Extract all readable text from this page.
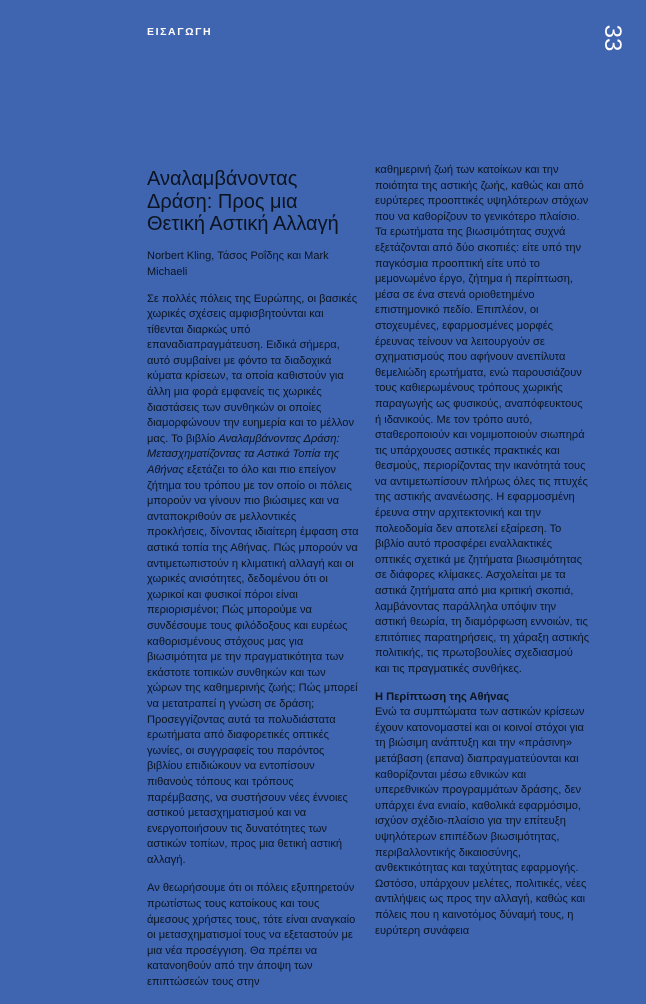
ΕΙΣΑΓΩΓΗ	33
Αναλαμβάνοντας Δράση: Προς μια Θετική Αστική Αλλαγή
Norbert Kling, Τάσος Ροΐδης και Mark Michaeli

Σε πολλές πόλεις της Ευρώπης, οι βασικές χωρικές σχέσεις αμφισβητούνται και τίθενται διαρκώς υπό επαναδιαπραγμάτευση. Ειδικά σήμερα, αυτό συμβαίνει με φόντο τα διαδοχικά κύματα κρίσεων, τα οποία καθιστούν για άλλη μια φορά εμφανείς τις χωρικές διαστάσεις των συνθηκών οι οποίες διαμορφώνουν την ευημερία και το μέλλον μας. Το βιβλίο Αναλαμβάνοντας Δράση: Μετασχηματίζοντας τα Αστικά Τοπία της Αθήνας εξετάζει το όλο και πιο επείγον ζήτημα του τρόπου με τον οποίο οι πόλεις μπορούν να γίνουν πιο βιώσιμες και να ανταποκριθούν σε μελλοντικές προκλήσεις, δίνοντας ιδιαίτερη έμφαση στα αστικά τοπία της Αθήνας. Πώς μπορούν να αντιμετωπιστούν η κλιματική αλλαγή και οι χωρικές ανισότητες, δεδομένου ότι οι χωρικοί και φυσικοί πόροι είναι περιορισμένοι; Πώς μπορούμε να συνδέσουμε τους φιλόδοξους και ευρέως καθορισμένους στόχους μας για βιωσιμότητα με την πραγματικότητα των εκάστοτε τοπικών συνθηκών και των χώρων της καθημερινής ζωής; Πώς μπορεί να μετατραπεί η γνώση σε δράση; Προσεγγίζοντας αυτά τα πολυδιάστατα ερωτήματα από διαφορετικές οπτικές γωνίες, οι συγγραφείς του παρόντος βιβλίου επιδιώκουν να εντοπίσουν πιθανούς τόπους και τρόπους παρέμβασης, να συστήσουν νέες έννοιες αστικού μετασχηματισμού και να ενεργοποιήσουν τις δυνατότητες των αστικών τοπίων, προς μια θετική αστική αλλαγή.

Αν θεωρήσουμε ότι οι πόλεις εξυπηρετούν πρωτίστως τους κατοίκους και τους άμεσους χρήστες τους, τότε είναι αναγκαίο οι μετασχηματισμοί τους να εξεταστούν με μια νέα προσέγγιση. Θα πρέπει να κατανοηθούν από την άποψη των επιπτώσεών τους στην

καθημερινή ζωή των κατοίκων και την ποιότητα της αστικής ζωής, καθώς και από ευρύτερες προοπτικές υψηλότερων στόχων που να καθορίζουν το γενικότερο πλαίσιο. Τα ερωτήματα της βιωσιμότητας συχνά εξετάζονται από δύο σκοπιές: είτε υπό την παγκόσμια προοπτική είτε υπό το μεμονωμένο έργο, ζήτημα ή περίπτωση, μέσα σε ένα στενά οριοθετημένο επιστημονικό πεδίο. Επιπλέον, οι στοχευμένες, εφαρμοσμένες μορφές έρευνας τείνουν να λειτουργούν σε σχηματισμούς που αφήνουν ανεπίλυτα θεμελιώδη ερωτήματα, ενώ παρουσιάζουν τους καθιερωμένους τρόπους χωρικής παραγωγής ως φυσικούς, αναπόφευκτους ή ιδανικούς. Με τον τρόπο αυτό, σταθεροποιούν και νομιμοποιούν σιωπηρά τις υπάρχουσες αστικές πρακτικές και θεσμούς, περιορίζοντας την ικανότητά τους να αντιμετωπίσουν πλήρως όλες τις πτυχές της αστικής ανανέωσης. Η εφαρμοσμένη έρευνα στην αρχιτεκτονική και την πολεοδομία δεν αποτελεί εξαίρεση. Το βιβλίο αυτό προσφέρει εναλλακτικές οπτικές σχετικά με ζητήματα βιωσιμότητας σε διάφορες κλίμακες. Ασχολείται με τα αστικά ζητήματα από μια κριτική σκοπιά, λαμβάνοντας παράλληλα υπόψιν την αστική θεωρία, τη διαμόρφωση εννοιών, τις επιτόπιες παρατηρήσεις, τη χάραξη αστικής πολιτικής, τις πρωτοβουλίες σχεδιασμού και τις πραγματικές συνθήκες.

Η Περίπτωση της Αθήνας

Ενώ τα συμπτώματα των αστικών κρίσεων έχουν κατονομαστεί και οι κοινοί στόχοι για τη βιώσιμη ανάπτυξη και την «πράσινη» μετάβαση (επανα) διαπραγματεύονται και καθορίζονται μέσω εθνικών και υπερεθνικών προγραμμάτων δράσης, δεν υπάρχει ένα ενιαίο, καθολικά εφαρμόσιμο, ισχύον σχέδιο-πλαίσιο για την επίτευξη υψηλότερων επιπέδων βιωσιμότητας, περιβαλλοντικής δικαιοσύνης, ανθεκτικότητας και ταχύτητας εφαρμογής. Ωστόσο, υπάρχουν μελέτες, πολιτικές, νέες αντιλήψεις ως προς την αλλαγή, καθώς και πόλεις που η καινοτόμος δύναμή τους, η ευρύτερη συνάφεια
